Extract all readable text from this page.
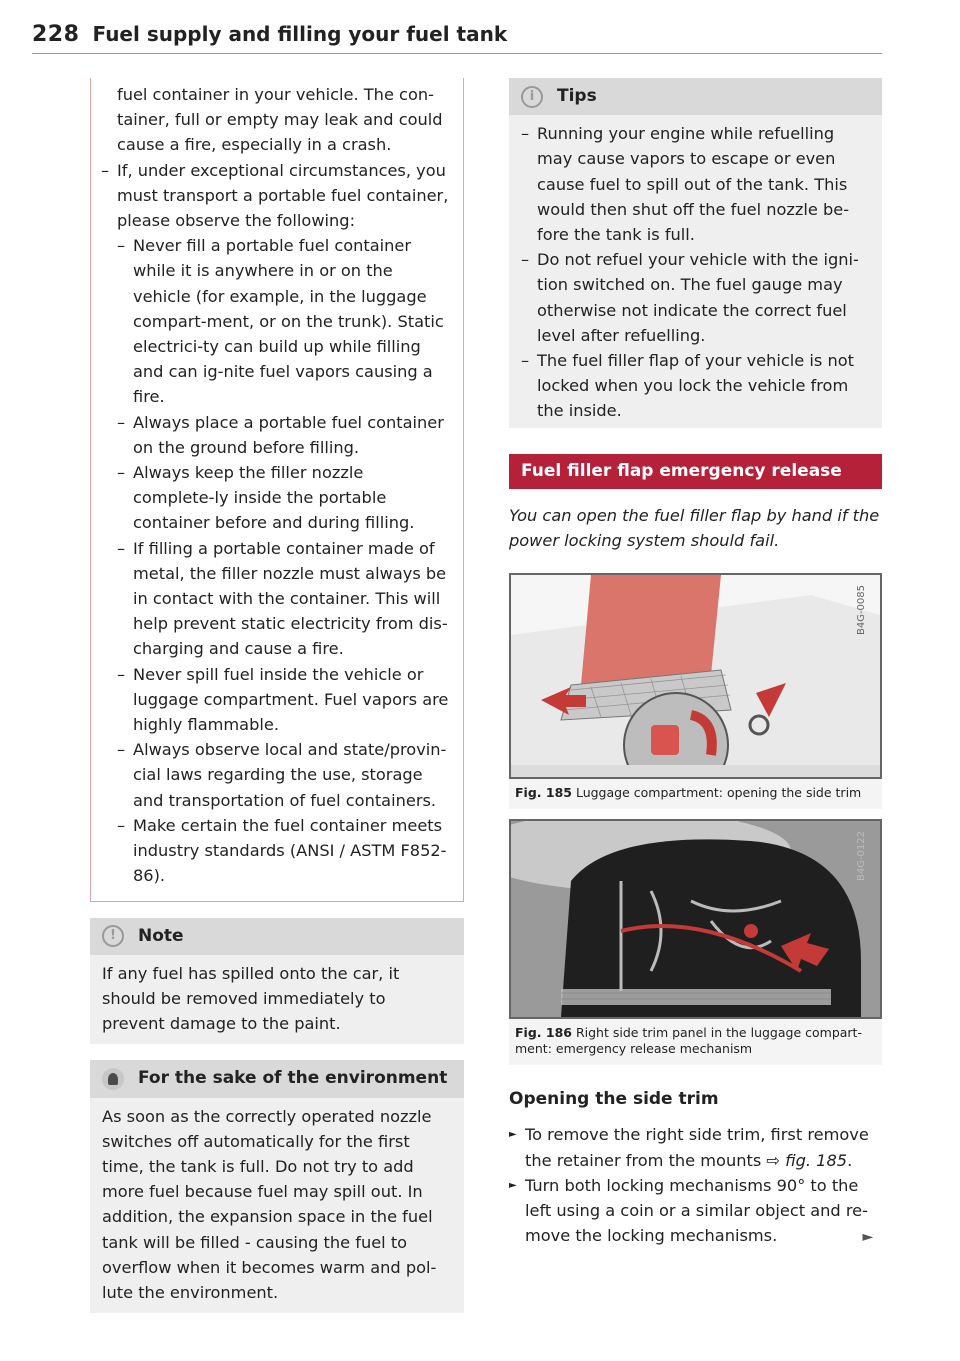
228 Fuel supply and filling your fuel tank
fuel container in your vehicle. The con-tainer, full or empty may leak and could cause a fire, especially in a crash.
– If, under exceptional circumstances, you must transport a portable fuel container, please observe the following:
– Never fill a portable fuel container while it is anywhere in or on the vehicle (for example, in the luggage compart-ment, or on the trunk). Static electrici-ty can build up while filling and can ig-nite fuel vapors causing a fire.
– Always place a portable fuel container on the ground before filling.
– Always keep the filler nozzle complete-ly inside the portable container before and during filling.
– If filling a portable container made of metal, the filler nozzle must always be in contact with the container. This will help prevent static electricity from dis-charging and cause a fire.
– Never spill fuel inside the vehicle or luggage compartment. Fuel vapors are highly flammable.
– Always observe local and state/provin-cial laws regarding the use, storage and transportation of fuel containers.
– Make certain the fuel container meets industry standards (ANSI / ASTM F852-86).
!	Note
If any fuel has spilled onto the car, it should be removed immediately to prevent damage to the paint.
For the sake of the environment
As soon as the correctly operated nozzle switches off automatically for the first time, the tank is full. Do not try to add more fuel because fuel may spill out. In addition, the expansion space in the fuel tank will be filled - causing the fuel to overflow when it becomes warm and pol-lute the environment.
i	Tips
– Running your engine while refuelling may cause vapors to escape or even cause fuel to spill out of the tank. This would then shut off the fuel nozzle be-fore the tank is full.
– Do not refuel your vehicle with the igni-tion switched on. The fuel gauge may otherwise not indicate the correct fuel level after refuelling.
– The fuel filler flap of your vehicle is not locked when you lock the vehicle from the inside.
Fuel filler flap emergency release
You can open the fuel filler flap by hand if the power locking system should fail.
B4G-0085
Fig. 185 Luggage compartment: opening the side trim
B4G-0122
Fig. 186 Right side trim panel in the luggage compart-ment: emergency release mechanism
Opening the side trim
► To remove the right side trim, first remove the retainer from the mounts ⇨ fig. 185.
► Turn both locking mechanisms 90° to the left using a coin or a similar object and re-move the locking mechanisms.	►
